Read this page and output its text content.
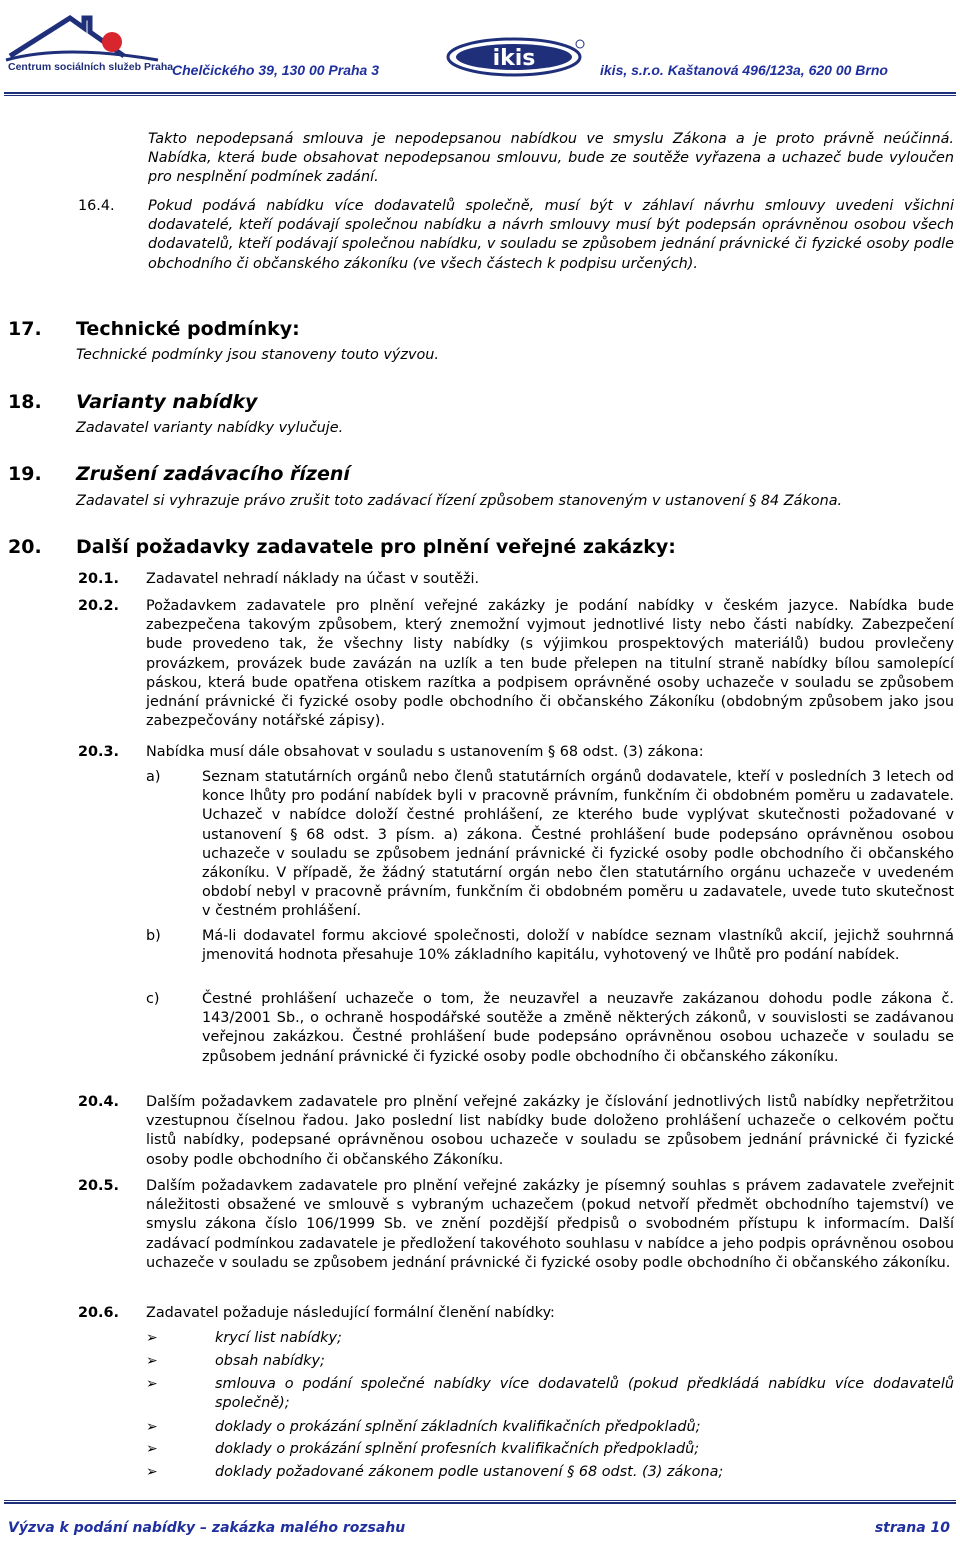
Centrum sociálních služeb Praha
Chelčického 39, 130 00 Praha 3	ikis	ikis, s.r.o. Kaštanová 496/123a, 620 00 Brno
Takto nepodepsaná smlouva je nepodepsanou nabídkou ve smyslu Zákona a je proto právně neúčinná. Nabídka, která bude obsahovat nepodepsanou smlouvu, bude ze soutěže vyřazena a uchazeč bude vyloučen pro nesplnění podmínek zadání.
16.4. Pokud podává nabídku více dodavatelů společně, musí být v záhlaví návrhu smlouvy uvedeni všichni dodavatelé, kteří podávají společnou nabídku a návrh smlouvy musí být podepsán oprávněnou osobou všech dodavatelů, kteří podávají společnou nabídku, v souladu se způsobem jednání právnické či fyzické osoby podle obchodního či občanského zákoníku (ve všech částech k podpisu určených).
17. Technické podmínky:
Technické podmínky jsou stanoveny touto výzvou.
18. Varianty nabídky
Zadavatel varianty nabídky vylučuje.
19. Zrušení zadávacího řízení
Zadavatel si vyhrazuje právo zrušit toto zadávací řízení způsobem stanoveným v ustanovení § 84 Zákona.
20. Další požadavky zadavatele pro plnění veřejné zakázky:
20.1. Zadavatel nehradí náklady na účast v soutěži.
20.2. Požadavkem zadavatele pro plnění veřejné zakázky je podání nabídky v českém jazyce. Nabídka bude zabezpečena takovým způsobem, který znemožní vyjmout jednotlivé listy nebo části nabídky. Zabezpečení bude provedeno tak, že všechny listy nabídky (s výjimkou prospektových materiálů) budou provlečeny provázkem, provázek bude zavázán na uzlík a ten bude přelepen na titulní straně nabídky bílou samolepící páskou, která bude opatřena otiskem razítka a podpisem oprávněné osoby uchazeče v souladu se způsobem jednání právnické či fyzické osoby podle obchodního či občanského Zákoníku (obdobným způsobem jako jsou zabezpečovány notářské zápisy).
20.3. Nabídka musí dále obsahovat v souladu s ustanovením § 68 odst. (3) zákona:
a)	Seznam statutárních orgánů nebo členů statutárních orgánů dodavatele, kteří v posledních 3 letech od konce lhůty pro podání nabídek byli v pracovně právním, funkčním či obdobném poměru u zadavatele. Uchazeč v nabídce doloží čestné prohlášení, ze kterého bude vyplývat skutečnosti požadované v ustanovení § 68 odst. 3 písm. a) zákona. Čestné prohlášení bude podepsáno oprávněnou osobou uchazeče v souladu se způsobem jednání právnické či fyzické osoby podle obchodního či občanského zákoníku. V případě, že žádný statutární orgán nebo člen statutárního orgánu uchazeče v uvedeném období nebyl v pracovně právním, funkčním či obdobném poměru u zadavatele, uvede tuto skutečnost v čestném prohlášení.
b)	Má-li dodavatel formu akciové společnosti, doloží v nabídce seznam vlastníků akcií, jejichž souhrnná jmenovitá hodnota přesahuje 10% základního kapitálu, vyhotovený ve lhůtě pro podání nabídek.
c)	Čestné prohlášení uchazeče o tom, že neuzavřel a neuzavře zakázanou dohodu podle zákona č. 143/2001 Sb., o ochraně hospodářské soutěže a změně některých zákonů, v souvislosti se zadávanou veřejnou zakázkou. Čestné prohlášení bude podepsáno oprávněnou osobou uchazeče v souladu se způsobem jednání právnické či fyzické osoby podle obchodního či občanského zákoníku.
20.4. Dalším požadavkem zadavatele pro plnění veřejné zakázky je číslování jednotlivých listů nabídky nepřetržitou vzestupnou číselnou řadou. Jako poslední list nabídky bude doloženo prohlášení uchazeče o celkovém počtu listů nabídky, podepsané oprávněnou osobou uchazeče v souladu se způsobem jednání právnické či fyzické osoby podle obchodního či občanského Zákoníku.
20.5. Dalším požadavkem zadavatele pro plnění veřejné zakázky je písemný souhlas s právem zadavatele zveřejnit náležitosti obsažené ve smlouvě s vybraným uchazečem (pokud netvoří předmět obchodního tajemství) ve smyslu zákona číslo 106/1999 Sb. ve znění pozdější předpisů o svobodném přístupu k informacím. Další zadávací podmínkou zadavatele je předložení takovéhoto souhlasu v nabídce a jeho podpis oprávněnou osobou uchazeče v souladu se způsobem jednání právnické či fyzické osoby podle obchodního či občanského zákoníku.
20.6. Zadavatel požaduje následující formální členění nabídky:
➢	krycí list nabídky;
➢	obsah nabídky;
➢	smlouva o podání společné nabídky více dodavatelů (pokud předkládá nabídku více dodavatelů společně);
➢	doklady o prokázání splnění základních kvalifikačních předpokladů;
➢	doklady o prokázání splnění profesních kvalifikačních předpokladů;
➢	doklady požadované zákonem podle ustanovení § 68 odst. (3) zákona;
Výzva k podání nabídky – zakázka malého rozsahu	strana 10
